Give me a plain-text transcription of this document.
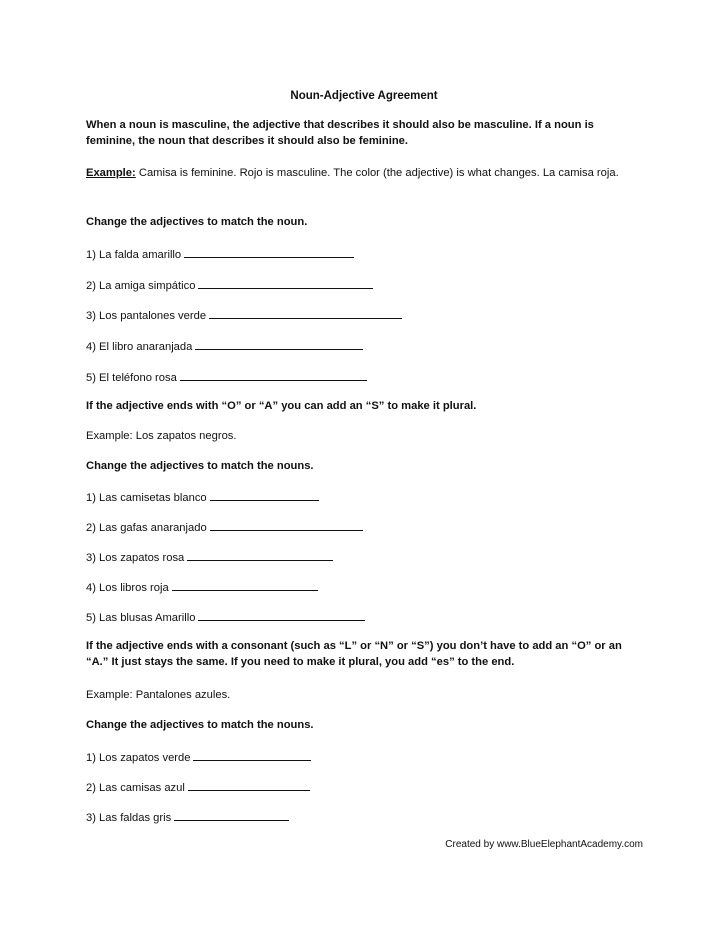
Noun-Adjective Agreement

When a noun is masculine, the adjective that describes it should also be masculine. If a noun is feminine, the noun that describes it should also be feminine.

Example: Camisa is feminine. Rojo is masculine. The color (the adjective) is what changes. La camisa roja.

Change the adjectives to match the noun.
1) La falda amarillo
2) La amiga simpático
3) Los pantalones verde
4) El libro anaranjada
5) El teléfono rosa
If the adjective ends with “O” or “A” you can add an “S” to make it plural.
Example: Los zapatos negros.
Change the adjectives to match the nouns.
1) Las camisetas blanco
2) Las gafas anaranjado
3) Los zapatos rosa
4) Los libros roja
5) Las blusas Amarillo

If the adjective ends with a consonant (such as “L” or “N” or “S”) you don’t have to add an “O” or an “A.” It just stays the same. If you need to make it plural, you add “es” to the end.

Example: Pantalones azules.
Change the adjectives to match the nouns.
1) Los zapatos verde
2) Las camisas azul
3) Las faldas gris
Created by www.BlueElephantAcademy.com
